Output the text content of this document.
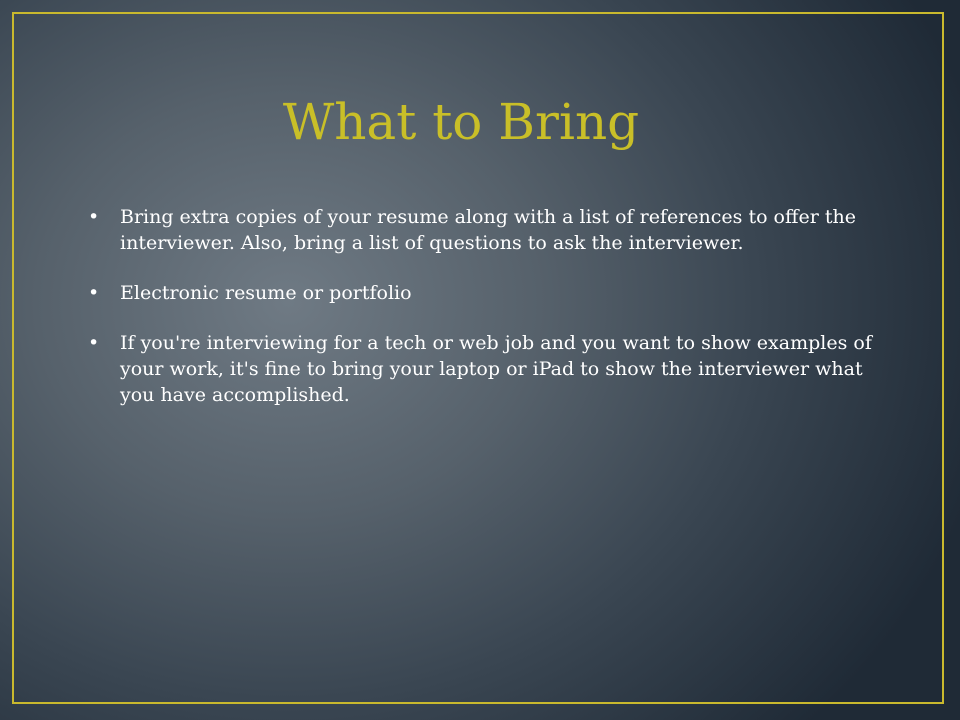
What to Bring
•	Bring extra copies of your resume along with a list of references to offer the interviewer. Also, bring a list of questions to ask the interviewer.
•	Electronic resume or portfolio
•	If you're interviewing for a tech or web job and you want to show examples of your work, it's fine to bring your laptop or iPad to show the interviewer what you have accomplished.
